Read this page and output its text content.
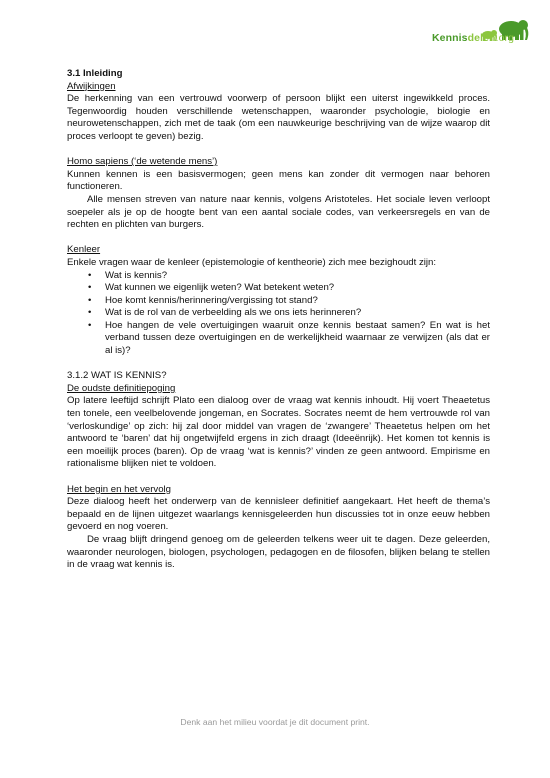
Kennisdelen.org

3.1 Inleiding

Afwijkingen

De herkenning van een vertrouwd voorwerp of persoon blijkt een uiterst ingewikkeld proces. Tegenwoordig houden verschillende wetenschappen, waaronder psychologie, biologie en neurowetenschappen, zich met de taak (om een nauwkeurige beschrijving van de wijze waarop dit proces verloopt te geven) bezig.

Homo sapiens (‘de wetende mens’)

Kunnen kennen is een basisvermogen; geen mens kan zonder dit vermogen naar behoren functioneren.

Alle mensen streven van nature naar kennis, volgens Aristoteles. Het sociale leven verloopt soepeler als je op de hoogte bent van een aantal sociale codes, van verkeersregels en van de rechten en plichten van burgers.

Kenleer

Enkele vragen waar de kenleer (epistemologie of kentheorie) zich mee bezighoudt zijn:

• Wat is kennis?
• Wat kunnen we eigenlijk weten? Wat betekent weten?
• Hoe komt kennis/herinnering/vergissing tot stand?
• Wat is de rol van de verbeelding als we ons iets herinneren?
• Hoe hangen de vele overtuigingen waaruit onze kennis bestaat samen? En wat is het verband tussen deze overtuigingen en de werkelijkheid waarnaar ze verwijzen (als dat er al is)?

3.1.2 WAT IS KENNIS?

De oudste definitiepoging

Op latere leeftijd schrijft Plato een dialoog over de vraag wat kennis inhoudt. Hij voert Theaetetus ten tonele, een veelbelovende jongeman, en Socrates. Socrates neemt de hem vertrouwde rol van ‘verloskundige’ op zich: hij zal door middel van vragen de ‘zwangere’ Theaetetus helpen om het antwoord te ‘baren’ dat hij ongetwijfeld ergens in zich draagt (Ideeënrijk). Het komen tot kennis is een moeilijk proces (baren). Op de vraag ‘wat is kennis?’ vinden ze geen antwoord. Empirisme en rationalisme blijken niet te voldoen.

Het begin en het vervolg

Deze dialoog heeft het onderwerp van de kennisleer definitief aangekaart. Het heeft de thema’s bepaald en de lijnen uitgezet waarlangs kennisgeleerden hun discussies tot in onze eeuw hebben gevoerd en nog voeren.

De vraag blijft dringend genoeg om de geleerden telkens weer uit te dagen. Deze geleerden, waaronder neurologen, biologen, psychologen, pedagogen en de filosofen, blijken belang te stellen in de vraag wat kennis is.

Denk aan het milieu voordat je dit document print.
